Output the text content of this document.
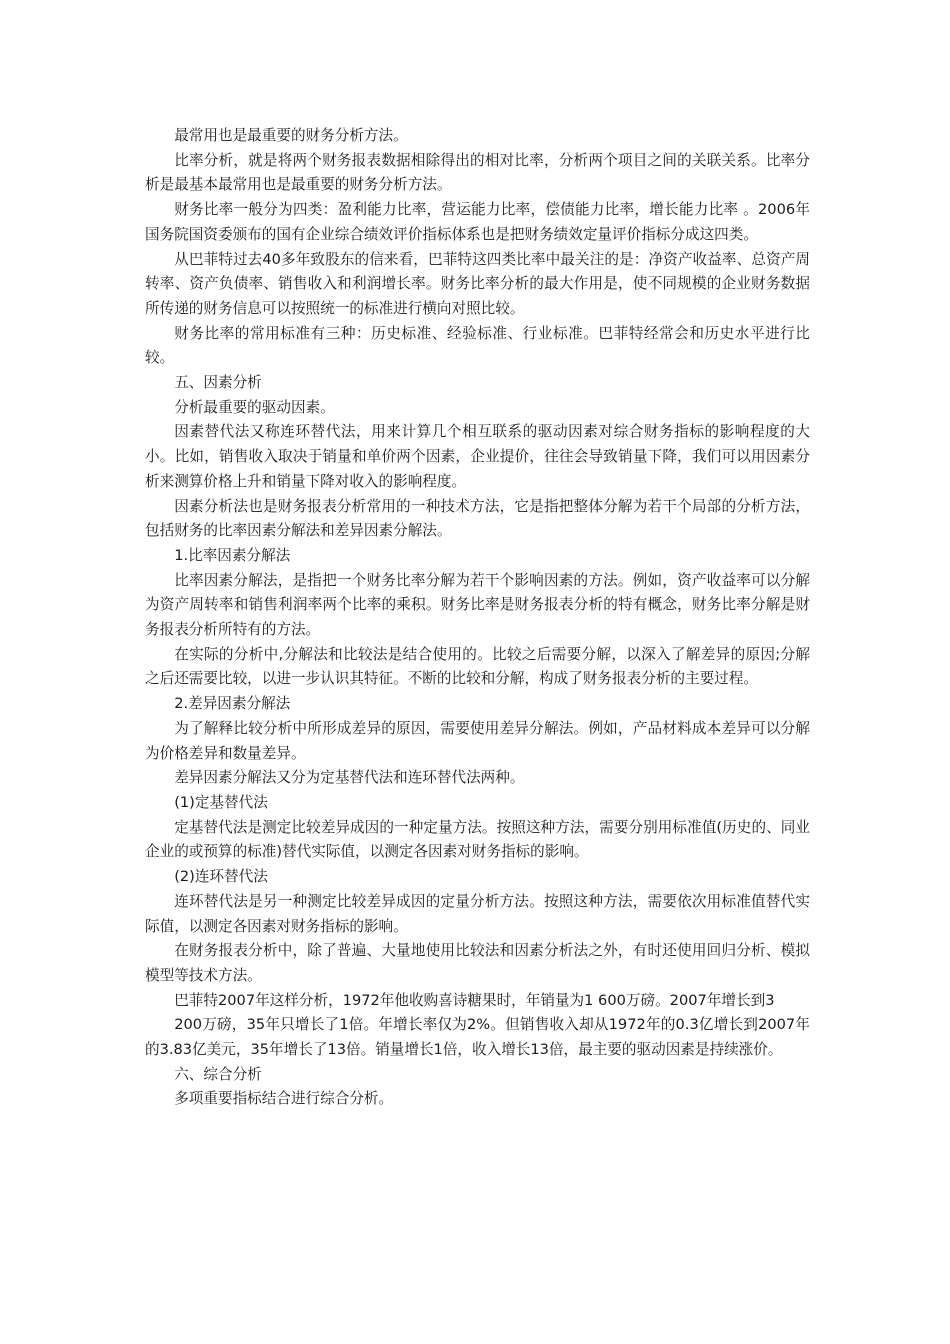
最常用也是最重要的财务分析方法。

比率分析，就是将两个财务报表数据相除得出的相对比率，分析两个项目之间的关联关系。比率分析是最基本最常用也是最重要的财务分析方法。

财务比率一般分为四类：盈利能力比率，营运能力比率，偿债能力比率，增长能力比率 。2006年国务院国资委颁布的国有企业综合绩效评价指标体系也是把财务绩效定量评价指标分成这四类。

从巴菲特过去40多年致股东的信来看，巴菲特这四类比率中最关注的是：净资产收益率、总资产周转率、资产负债率、销售收入和利润增长率。财务比率分析的最大作用是，使不同规模的企业财务数据所传递的财务信息可以按照统一的标准进行横向对照比较。

财务比率的常用标准有三种：历史标准、经验标准、行业标准。巴菲特经常会和历史水平进行比较。

五、因素分析

分析最重要的驱动因素。

因素替代法又称连环替代法，用来计算几个相互联系的驱动因素对综合财务指标的影响程度的大小。比如，销售收入取决于销量和单价两个因素，企业提价，往往会导致销量下降，我们可以用因素分析来测算价格上升和销量下降对收入的影响程度。

因素分析法也是财务报表分析常用的一种技术方法，它是指把整体分解为若干个局部的分析方法，包括财务的比率因素分解法和差异因素分解法。

1.比率因素分解法

比率因素分解法，是指把一个财务比率分解为若干个影响因素的方法。例如，资产收益率可以分解为资产周转率和销售利润率两个比率的乘积。财务比率是财务报表分析的特有概念，财务比率分解是财务报表分析所特有的方法。

在实际的分析中,分解法和比较法是结合使用的。比较之后需要分解，以深入了解差异的原因;分解之后还需要比较，以进一步认识其特征。不断的比较和分解，构成了财务报表分析的主要过程。

2.差异因素分解法

为了解释比较分析中所形成差异的原因，需要使用差异分解法。例如，产品材料成本差异可以分解为价格差异和数量差异。

差异因素分解法又分为定基替代法和连环替代法两种。

(1)定基替代法

定基替代法是测定比较差异成因的一种定量方法。按照这种方法，需要分别用标准值(历史的、同业企业的或预算的标准)替代实际值，以测定各因素对财务指标的影响。

(2)连环替代法

连环替代法是另一种测定比较差异成因的定量分析方法。按照这种方法，需要依次用标准值替代实际值，以测定各因素对财务指标的影响。

在财务报表分析中，除了普遍、大量地使用比较法和因素分析法之外，有时还使用回归分析、模拟模型等技术方法。

巴菲特2007年这样分析，1972年他收购喜诗糖果时，年销量为1 600万磅。2007年增长到3

200万磅，35年只增长了1倍。年增长率仅为2%。但销售收入却从1972年的0.3亿增长到2007年的3.83亿美元，35年增长了13倍。销量增长1倍，收入增长13倍，最主要的驱动因素是持续涨价。

六、综合分析

多项重要指标结合进行综合分析。
